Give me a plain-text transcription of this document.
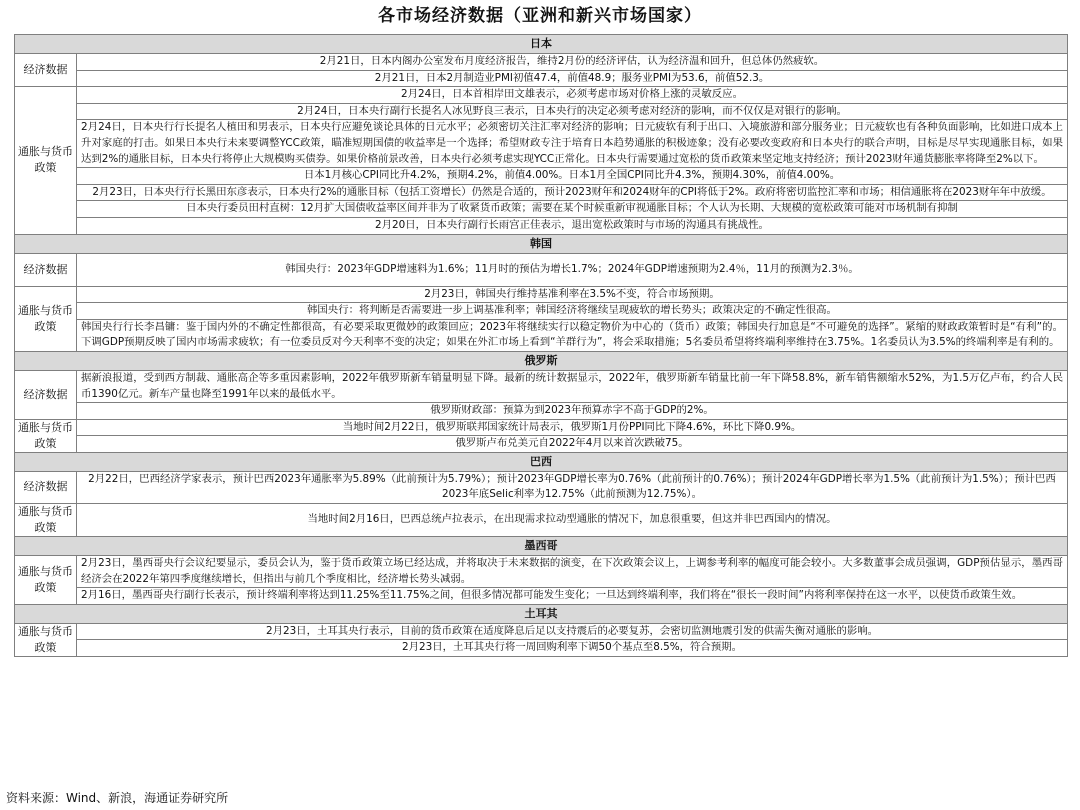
各市场经济数据（亚洲和新兴市场国家）
日本	
经济数据	2月21日，日本内阁办公室发布月度经济报告，维持2月份的经济评估，认为经济温和回升，但总体仍然疲软。
	2月21日，日本2月制造业PMI初值47.4，前值48.9；服务业PMI为53.6，前值52.3。
通胀与货币政策	2月24日，日本首相岸田文雄表示，必须考虑市场对价格上涨的灵敏反应。
	2月24日，日本央行副行长提名人冰见野良三表示，日本央行的决定必须考虑对经济的影响，而不仅仅是对银行的影响。
	2月24日，日本央行行长提名人植田和男表示，日本央行应避免谈论具体的日元水平；必须密切关注汇率对经济的影响；日元疲软有利于出口、入境旅游和部分服务业；日元疲软也有各种负面影响，比如进口成本上升对家庭的打击。如果日本央行未来要调整YCC政策，瞄准短期国债的收益率是一个选择；希望财政专注于培育日本趋势通胀的积极迹象；没有必要改变政府和日本央行的联合声明，目标是尽早实现通胀目标，如果达到2%的通胀目标，日本央行将停止大规模购买债券。如果价格前景改善，日本央行必须考虑实现YCC正常化。日本央行需要通过宽松的货币政策来坚定地支持经济；预计2023财年通货膨胀率将降至2%以下。
	日本1月核心CPI同比升4.2%，预期4.2%，前值4.00%。日本1月全国CPI同比升4.3%，预期4.30%，前值4.00%。
	2月23日，日本央行行长黑田东彦表示，日本央行2%的通胀目标（包括工资增长）仍然是合适的，预计2023财年和2024财年的CPI将低于2%。政府将密切监控汇率和市场；相信通胀将在2023财年年中放缓。
	日本央行委员田村直树：12月扩大国债收益率区间并非为了收紧货币政策；需要在某个时候重新审视通胀目标；个人认为长期、大规模的宽松政策可能对市场机制有抑制
	2月20日，日本央行副行长雨宫正佳表示，退出宽松政策时与市场的沟通具有挑战性。
韩国	
经济数据	韩国央行：2023年GDP增速料为1.6%；11月时的预估为增长1.7%；2024年GDP增速预期为2.4％，11月的预测为2.3％。
通胀与货币政策	2月23日，韩国央行维持基准利率在3.5%不变，符合市场预期。
	韩国央行：将判断是否需要进一步上调基准利率；韩国经济将继续呈现疲软的增长势头；政策决定的不确定性很高。
	韩国央行行长李昌镛：鉴于国内外的不确定性都很高，有必要采取更微妙的政策回应；2023年将继续实行以稳定物价为中心的（货币）政策；韩国央行加息是“不可避免的选择”。紧缩的财政政策暂时是“有利”的。下调GDP预期反映了国内市场需求疲软；有一位委员反对今天利率不变的决定；如果在外汇市场上看到“羊群行为”，将会采取措施；5名委员希望将终端利率维持在3.75%。1名委员认为3.5%的终端利率是有利的。
俄罗斯	
经济数据	据新浪报道，受到西方制裁、通胀高企等多重因素影响，2022年俄罗斯新车销量明显下降。最新的统计数据显示，2022年，俄罗斯新车销量比前一年下降58.8%，新车销售额缩水52%，为1.5万亿卢布，约合人民币1390亿元。新车产量也降至1991年以来的最低水平。
	俄罗斯财政部：预算为到2023年预算赤字不高于GDP的2%。
通胀与货币政策	当地时间2月22日，俄罗斯联邦国家统计局表示，俄罗斯1月份PPI同比下降4.6%，环比下降0.9%。
	俄罗斯卢布兑美元自2022年4月以来首次跌破75。
巴西	
经济数据	2月22日，巴西经济学家表示，预计巴西2023年通胀率为5.89%（此前预计为5.79%）；预计2023年GDP增长率为0.76%（此前预计的0.76%）；预计2024年GDP增长率为1.5%（此前预计为1.5%）；预计巴西2023年底Selic利率为12.75%（此前预测为12.75%）。
通胀与货币政策	当地时间2月16日，巴西总统卢拉表示，在出现需求拉动型通胀的情况下，加息很重要，但这并非巴西国内的情况。
墨西哥	
通胀与货币政策	2月23日，墨西哥央行会议纪要显示，委员会认为，鉴于货币政策立场已经达成，并将取决于未来数据的演变，在下次政策会议上，上调参考利率的幅度可能会较小。大多数董事会成员强调，GDP预估显示，墨西哥经济会在2022年第四季度继续增长，但指出与前几个季度相比，经济增长势头减弱。
	2月16日，墨西哥央行副行长表示，预计终端利率将达到11.25%至11.75%之间，但很多情况都可能发生变化；一旦达到终端利率，我们将在“很长一段时间”内将利率保持在这一水平，以使货币政策生效。
土耳其	
通胀与货币政策	2月23日，土耳其央行表示，目前的货币政策在适度降息后足以支持震后的必要复苏，会密切监测地震引发的供需失衡对通胀的影响。
	2月23日，土耳其央行将一周回购利率下调50个基点至8.5%，符合预期。
资料来源：Wind、新浪，海通证券研究所
